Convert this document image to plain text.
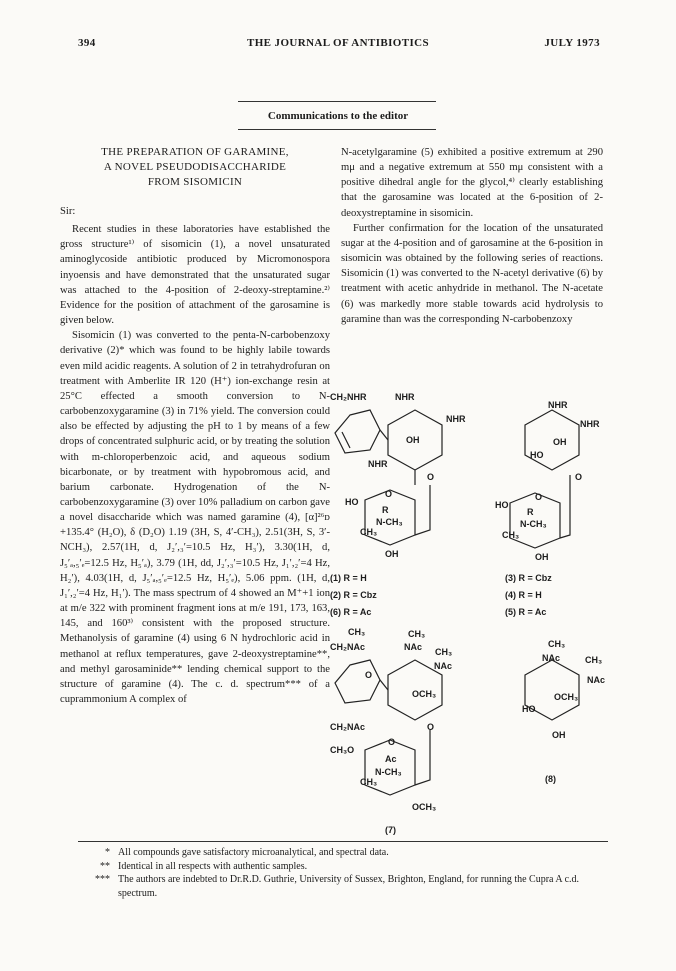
394	THE JOURNAL OF ANTIBIOTICS	JULY 1973
Communications to the editor

THE PREPARATION OF GARAMINE,

A NOVEL PSEUDODISACCHARIDE

FROM SISOMICIN

Sir:

Recent studies in these laboratories have established the gross structure¹⁾ of sisomicin (1), a novel unsaturated aminoglycoside antibiotic produced by Micromonospora inyoensis and have demonstrated that the unsaturated sugar was attached to the 4-position of 2-deoxy-streptamine.²⁾ Evidence for the position of attachment of the garosamine is given below.

Sisomicin (1) was converted to the penta-N-carbobenzoxy derivative (2)* which was found to be highly labile towards even mild acidic reagents. A solution of 2 in tetrahydrofuran on treatment with Amberlite IR 120 (H⁺) ion-exchange resin at 25°C effected a smooth conversion to N-carbobenzoxygaramine (3) in 71% yield. The conversion could also be effected by adjusting the pH to 1 by means of a few drops of concentrated sulphuric acid, or by treating the solution with m-chloroperbenzoic acid, and aqueous sodium bicarbonate, or by treatment with hypobromous acid, and barium carbonate. Hydrogenation of the N-carbobenzoxygaramine (3) over 10% palladium on carbon gave a novel disaccharide which was named garamine (4), [α]²⁶ᴅ +135.4° (H₂O), δ (D₂O) 1.19 (3H, S, 4′-CH₃), 2.51(3H, S, 3′-NCH₃), 2.57(1H, d, J₂′,₃′=10.5 Hz, H₃′), 3.30(1H, d, J₅′ₐ,₅′ₑ=12.5 Hz, H₅′ₐ), 3.79 (1H, dd, J₂′,₃′=10.5 Hz, J₁′,₂′=4 Hz, H₂′), 4.03(1H, d, J₅′ₐ,₅′ₑ=12.5 Hz, H₅′ₑ), 5.06 ppm. (1H, d, J₁′,₂′=4 Hz, H₁′). The mass spectrum of 4 showed an M⁺+1 ion at m/e 322 with prominent fragment ions at m/e 191, 173, 163, 145, and 160³⁾ consistent with the proposed structure. Methanolysis of garamine (4) using 6 N hydrochloric acid in methanol at reflux temperatures, gave 2-deoxystreptamine**, and methyl garosaminide** lending chemical support to the structure of garamine (4). The c. d. spectrum*** of a cuprammonium A complex of

N-acetylgaramine (5) exhibited a positive extremum at 290 mμ and a negative extremum at 550 mμ consistent with a positive dihedral angle for the glycol,⁴⁾ clearly establishing that the garosamine was located at the 6-position of 2-deoxystreptamine in sisomicin.

Further confirmation for the location of the unsaturated sugar at the 4-position and of garosamine at the 6-position in sisomicin was obtained by the following series of reactions. Sisomicin (1) was converted to the N-acetyl derivative (6) by treatment with acetic anhydride in methanol. The N-acetate (6) was markedly more stable towards acid hydrolysis to garamine than was the corresponding N-carbobenzoxy

CH₂NHR	NHR
NHR
OH
NHR
O
HO
O
R
N-CH₃
CH₃
OH
NHR
NHR
OH
HO
O
HO
O
R
N-CH₃
CH₃
OH
(1) R = H
(2) R = Cbz
(6) R = Ac
(3) R = Cbz
(4) R = H
(5) R = Ac
CH₃	CH₃
CH₂NAc	NAc CH₃
O
NAc
OCH₃
CH₂NAc	O
CH₃O
O
Ac
N-CH₃
CH₃
OCH₃
(7)
CH₃
NAc	CH₃
NAc
OCH₃
HO
OH
(8)
* All compounds gave satisfactory microanalytical, and spectral data.
** Identical in all respects with authentic samples.
*** The authors are indebted to Dr.R.D. Guthrie, University of Sussex, Brighton, England, for running the Cupra A c.d. spectrum.
